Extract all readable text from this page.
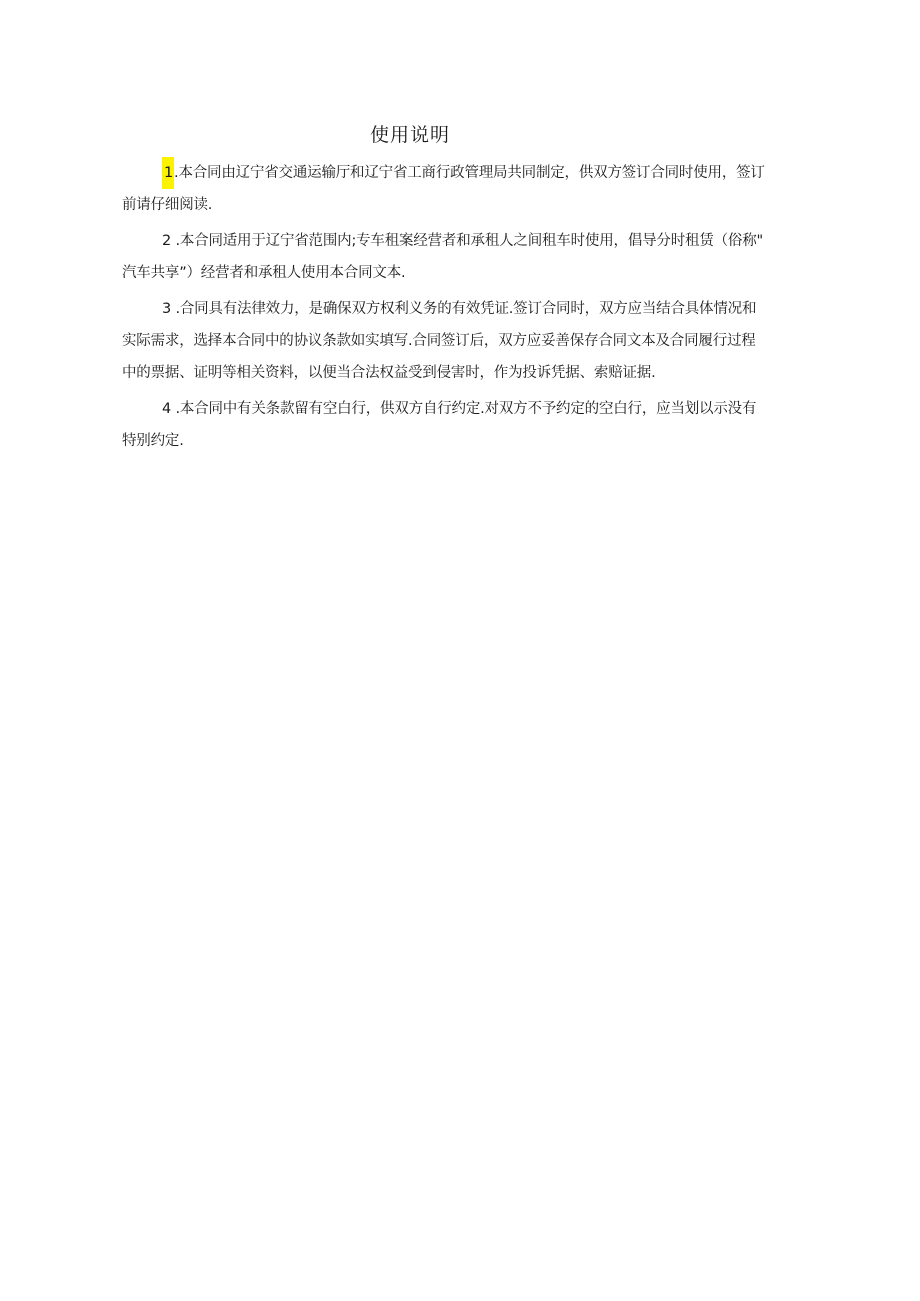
使用说明
1.本合同由辽宁省交通运输厅和辽宁省工商行政管理局共同制定，供双方签订合同时使用，签订
前请仔细阅读.
2 .本合同适用于辽宁省范围内;专车租案经营者和承租人之间租车时使用，倡导分时租赁（俗称"
汽车共享”）经营者和承租人使用本合同文本.
3 .合同具有法律效力，是确保双方权利义务的有效凭证.签订合同时，双方应当结合具体情况和
实际需求，选择本合同中的协议条款如实填写.合同签订后，双方应妥善保存合同文本及合同履行过程
中的票据、证明等相关资料，以便当合法权益受到侵害时，作为投诉凭据、索赔证据.
4 .本合同中有关条款留有空白行，供双方自行约定.对双方不予约定的空白行，应当划以示没有
特别约定.
